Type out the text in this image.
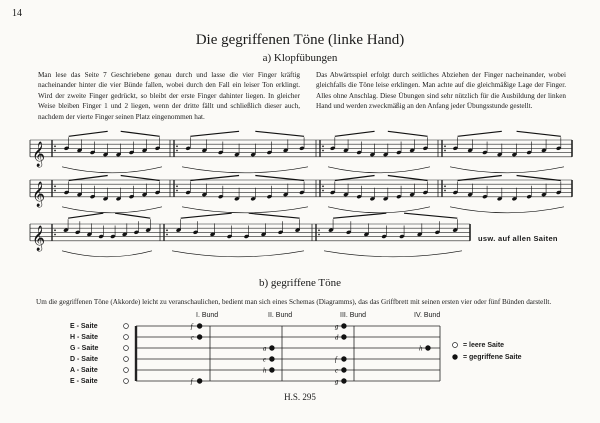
14
Die gegriffenen Töne (linke Hand)
a) Klopfübungen
Man lese das Seite 7 Geschriebene genau durch und lasse die vier Finger kräftig nacheinander hinter die vier Bünde fallen, wobei durch den Fall ein leiser Ton erklingt. Wird der zweite Finger gedrückt, so bleibt der erste Finger dahinter liegen. In gleicher Weise bleiben Finger 1 und 2 liegen, wenn der dritte fällt und schließlich dieser auch, nachdem der vierte Finger seinen Platz eingenommen hat.
Das Abwärtsspiel erfolgt durch seitliches Abziehen der Finger nacheinander, wobei gleichfalls die Töne leise erklingen. Man achte auf die gleichmäßige Lage der Finger. Alles ohne Anschlag. Diese Übungen sind sehr nützlich für die Ausbildung der linken Hand und werden zweckmäßig an den Anfang jeder Übungsstunde gestellt.
𝄞
𝄞
𝄞
f	g
c	d
a	h
e	f
h	c
f	g
usw. auf allen Saiten
b) gegriffene Töne
Um die gegriffenen Töne (Akkorde) leicht zu veranschaulichen, bedient man sich eines Schemas (Diagramms), das das Griffbrett mit seinen ersten vier oder fünf Bünden darstellt.
E - Saite
H - Saite
G - Saite
D - Saite
A - Saite
E - Saite
I. Bund	II. Bund	III. Bund	IV. Bund
= leere Saite
= gegriffene Saite
H.S. 295
